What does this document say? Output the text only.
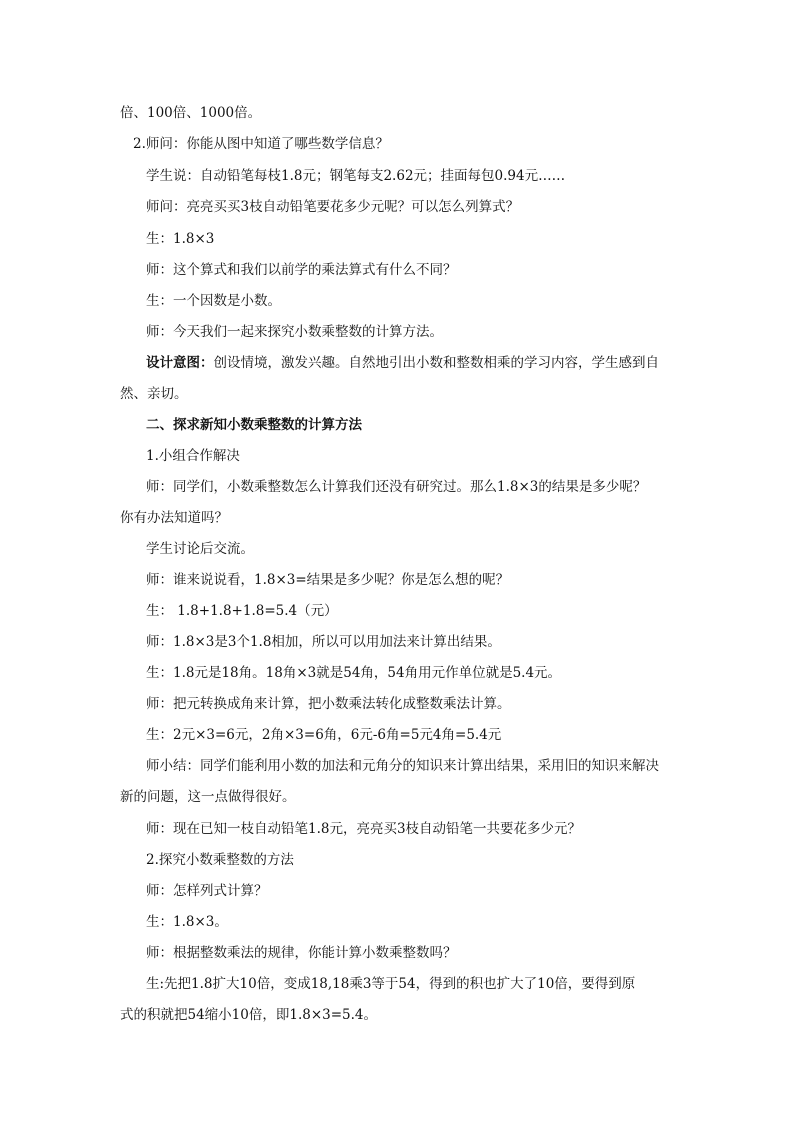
倍、100倍、1000倍。
2.师问：你能从图中知道了哪些数学信息？
学生说：自动铅笔每枝1.8元；钢笔每支2.62元；挂面每包0.94元……
师问：亮亮买买3枝自动铅笔要花多少元呢？可以怎么列算式？
生：1.8×3
师：这个算式和我们以前学的乘法算式有什么不同？
生：一个因数是小数。
师：今天我们一起来探究小数乘整数的计算方法。
设计意图：创设情境，激发兴趣。自然地引出小数和整数相乘的学习内容，学生感到自
然、亲切。
二、探求新知小数乘整数的计算方法
1.小组合作解决
师：同学们，小数乘整数怎么计算我们还没有研究过。那么1.8×3的结果是多少呢？
你有办法知道吗？
学生讨论后交流。
师：谁来说说看，1.8×3=结果是多少呢？你是怎么想的呢？
生： 1.8+1.8+1.8=5.4（元）
师：1.8×3是3个1.8相加，所以可以用加法来计算出结果。
生：1.8元是18角。18角×3就是54角，54角用元作单位就是5.4元。
师：把元转换成角来计算，把小数乘法转化成整数乘法计算。
生：2元×3=6元，2角×3=6角，6元-6角=5元4角=5.4元
师小结：同学们能利用小数的加法和元角分的知识来计算出结果，采用旧的知识来解决
新的问题，这一点做得很好。
师：现在已知一枝自动铅笔1.8元，亮亮买3枝自动铅笔一共要花多少元？
2.探究小数乘整数的方法
师：怎样列式计算？
生：1.8×3。
师：根据整数乘法的规律，你能计算小数乘整数吗？
生:先把1.8扩大10倍，变成18,18乘3等于54，得到的积也扩大了10倍，要得到原
式的积就把54缩小10倍，即1.8×3=5.4。
